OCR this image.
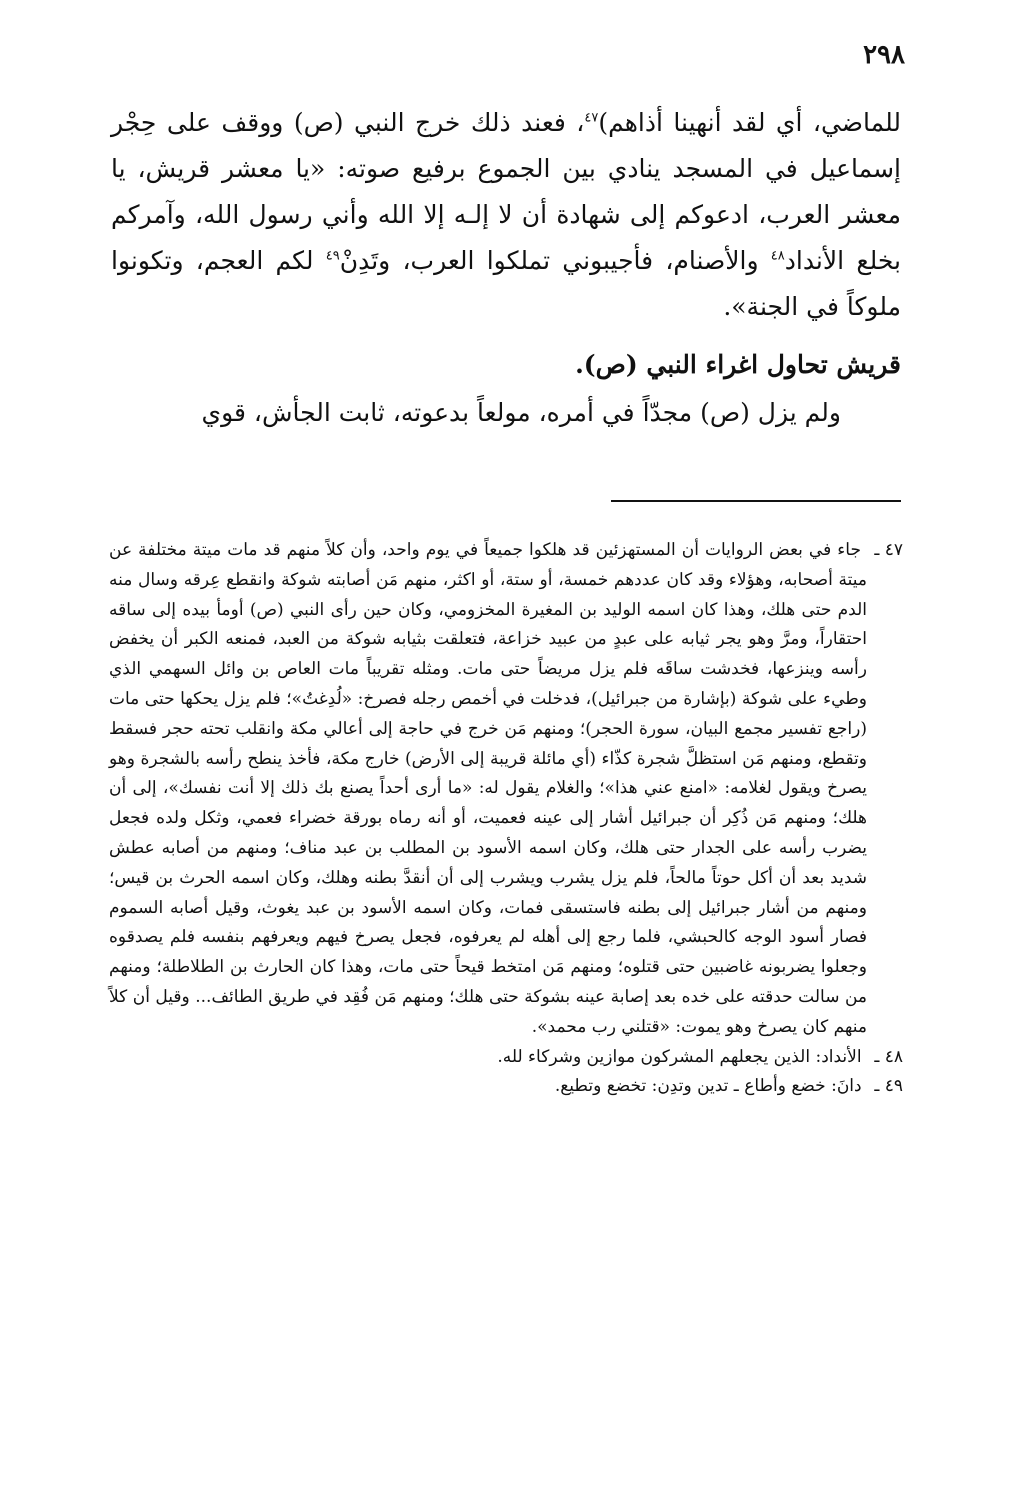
٢٩٨

للماضي، أي لقد أنهينا أذاهم)$^{٤٧}$، فعند ذلك خرج النبي (ص) ووقف على حِجْر إسماعيل في المسجد ينادي بين الجموع برفيع صوته: «يا معشر قريش، يا معشر العرب، ادعوكم إلى شهادة أن لا إلـه إلا الله وأني رسول الله، وآمركم بخلع الأنداد$^{٤٨}$ والأصنام، فأجيبوني تملكوا العرب، وتَدِنْ$^{٤٩}$ لكم العجم، وتكونوا ملوكاً في الجنة».

قريش تحاول اغراء النبي (ص).

ولم يزل (ص) مجدّاً في أمره، مولعاً بدعوته، ثابت الجأش، قوي

٤٧ ـ جاء في بعض الروايات أن المستهزئين قد هلكوا جميعاً في يوم واحد، وأن كلاً منهم قد مات ميتة مختلفة عن ميتة أصحابه، وهؤلاء وقد كان عددهم خمسة، أو ستة، أو اكثر، منهم مَن أصابته شوكة وانقطع عِرقه وسال منه الدم حتى هلك، وهذا كان اسمه الوليد بن المغيرة المخزومي، وكان حين رأى النبي (ص) أومأ بيده إلى ساقه احتقاراً، ومرَّ وهو يجر ثيابه على عبدٍ من عبيد خزاعة، فتعلقت بثيابه شوكة من العبد، فمنعه الكبر أن يخفض رأسه وينزعها، فخدشت ساقَه فلم يزل مريضاً حتى مات. ومثله تقريباً مات العاص بن وائل السهمي الذي وطيء على شوكة (بإشارة من جبرائيل)، فدخلت في أخمص رجله فصرخ: «لُدِغتُ»؛ فلم يزل يحكها حتى مات (راجع تفسير مجمع البيان، سورة الحجر)؛ ومنهم مَن خرج في حاجة إلى أعالي مكة وانقلب تحته حجر فسقط وتقطع، ومنهم مَن استظلَّ شجرة كذّاء (أي مائلة قريبة إلى الأرض) خارج مكة، فأخذ ينطح رأسه بالشجرة وهو يصرخ ويقول لغلامه: «امنع عني هذا»؛ والغلام يقول له: «ما أرى أحداً يصنع بك ذلك إلا أنت نفسك»، إلى أن هلك؛ ومنهم مَن ذُكِر أن جبرائيل أشار إلى عينه فعميت، أو أنه رماه بورقة خضراء فعمي، وثكل ولده فجعل يضرب رأسه على الجدار حتى هلك، وكان اسمه الأسود بن المطلب بن عبد مناف؛ ومنهم من أصابه عطش شديد بعد أن أكل حوتاً مالحاً، فلم يزل يشرب ويشرب إلى أن أنقدَّ بطنه وهلك، وكان اسمه الحرث بن قيس؛ ومنهم من أشار جبرائيل إلى بطنه فاستسقى فمات، وكان اسمه الأسود بن عبد يغوث، وقيل أصابه السموم فصار أسود الوجه كالحبشي، فلما رجع إلى أهله لم يعرفوه، فجعل يصرخ فيهم ويعرفهم بنفسه فلم يصدقوه وجعلوا يضربونه غاضبين حتى قتلوه؛ ومنهم مَن امتخط قيحاً حتى مات، وهذا كان الحارث بن الطلاطلة؛ ومنهم من سالت حدقته على خده بعد إصابة عينه بشوكة حتى هلك؛ ومنهم مَن فُقِد في طريق الطائف... وقيل أن كلاً منهم كان يصرخ وهو يموت: «قتلني رب محمد».

٤٨ ـ الأنداد: الذين يجعلهم المشركون موازين وشركاء لله.

٤٩ ـ دانَ: خضع وأطاع ـ تدين وتدِن: تخضع وتطيع.
